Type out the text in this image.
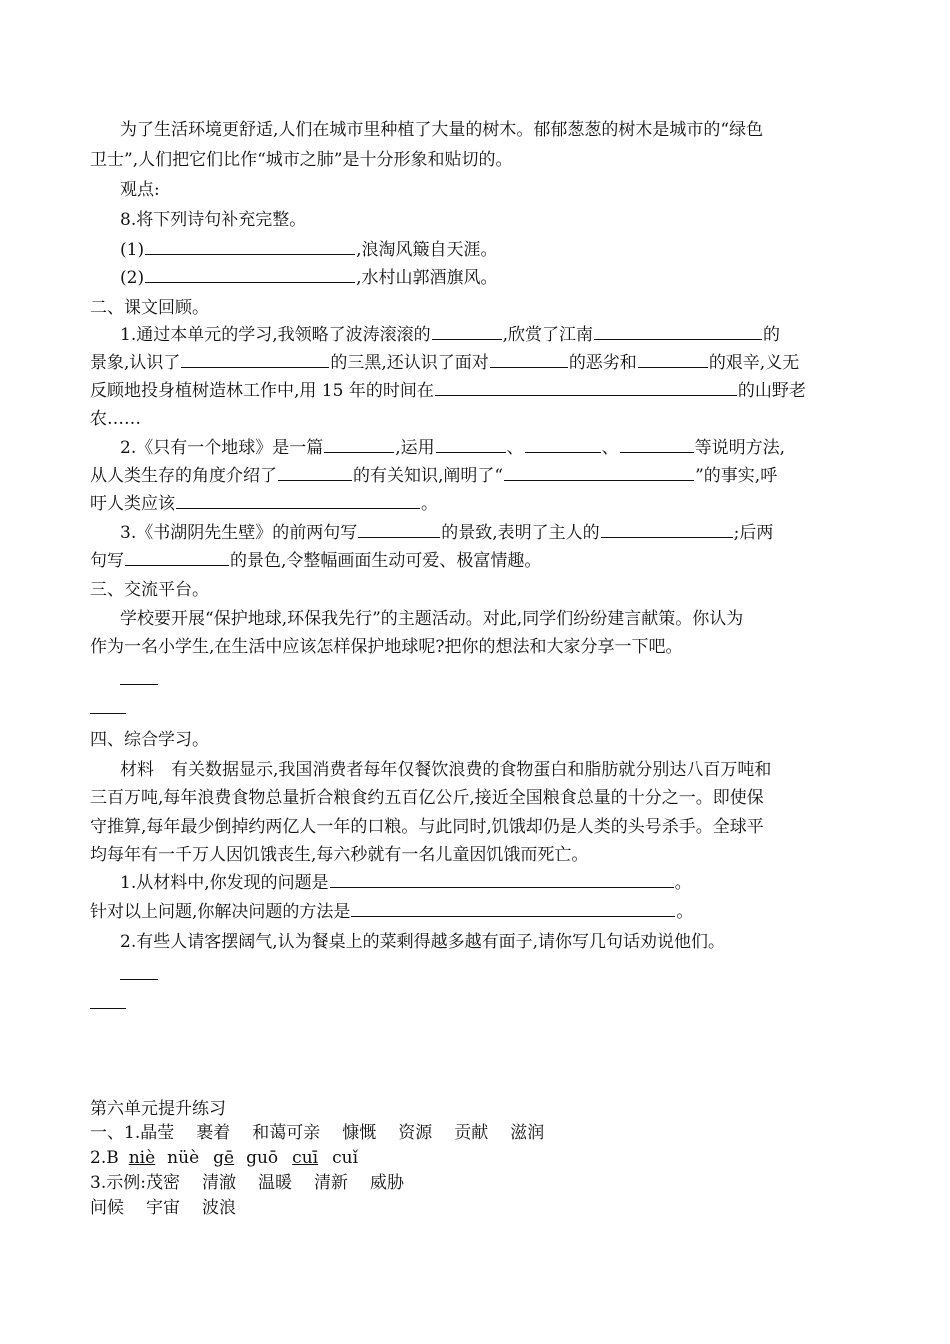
为了生活环境更舒适,人们在城市里种植了大量的树木。郁郁葱葱的树木是城市的“绿色
卫士”,人们把它们比作“城市之肺”是十分形象和贴切的。
观点:
8.将下列诗句补充完整。
(1)	,浪淘风簸自天涯。
(2)	,水村山郭酒旗风。
二、课文回顾。
1.通过本单元的学习,我领略了波涛滚滚的	,欣赏了江南	的
景象,认识了	的三黑,还认识了面对	的恶劣和	的艰辛,义无
反顾地投身植树造林工作中,用 15 年的时间在	的山野老
农……
2.《只有一个地球》是一篇	,运用	、	、	等说明方法,
从人类生存的角度介绍了	的有关知识,阐明了“	”的事实,呼
吁人类应该	。
3.《书湖阴先生壁》的前两句写	的景致,表明了主人的	;后两
句写	的景色,令整幅画面生动可爱、极富情趣。
三、交流平台。
学校要开展“保护地球,环保我先行”的主题活动。对此,同学们纷纷建言献策。你认为
作为一名小学生,在生活中应该怎样保护地球呢?把你的想法和大家分享一下吧。
四、综合学习。
材料　有关数据显示,我国消费者每年仅餐饮浪费的食物蛋白和脂肪就分别达八百万吨和
三百万吨,每年浪费食物总量折合粮食约五百亿公斤,接近全国粮食总量的十分之一。即使保
守推算,每年最少倒掉约两亿人一年的口粮。与此同时,饥饿却仍是人类的头号杀手。全球平
均每年有一千万人因饥饿丧生,每六秒就有一名儿童因饥饿而死亡。
1.从材料中,你发现的问题是	。
针对以上问题,你解决问题的方法是	。
2.有些人请客摆阔气,认为餐桌上的菜剩得越多越有面子,请你写几句话劝说他们。
第六单元提升练习
一、1.晶莹 裹着 和蔼可亲 慷慨 资源 贡献 滋润
2.B niè nüè gē guō cuī cuǐ
3.示例:茂密 清澈 温暖 清新 威胁
问候 宇宙 波浪
